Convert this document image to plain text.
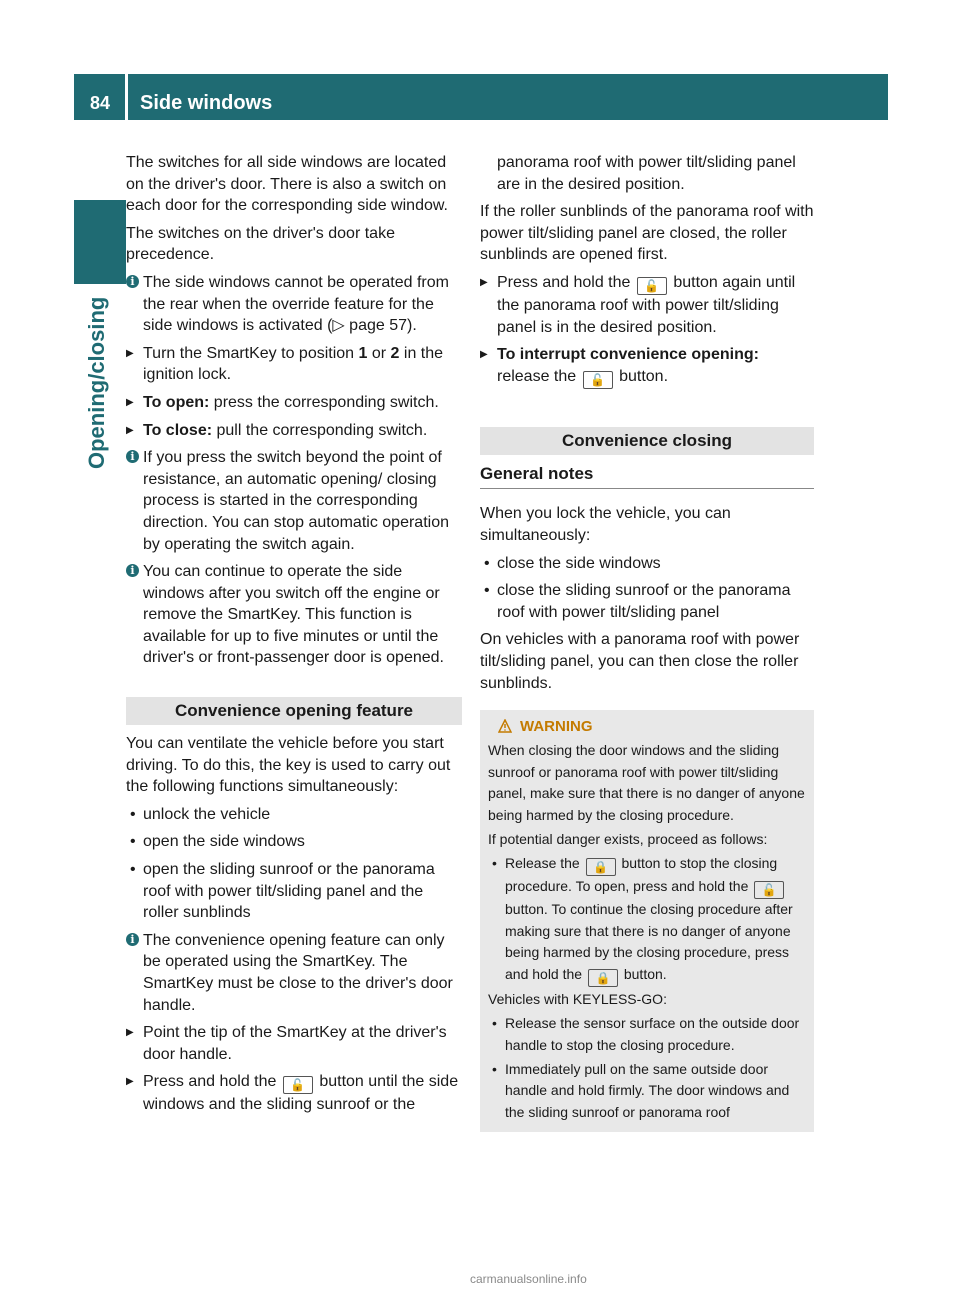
84	Side windows
Opening/closing

The switches for all side windows are located on the driver's door. There is also a switch on each door for the corresponding side window.

The switches on the driver's door take precedence.

i The side windows cannot be operated from the rear when the override feature for the side windows is activated (▷ page 57).
▶ Turn the SmartKey to position 1 or 2 in the ignition lock.
▶ To open: press the corresponding switch.
▶ To close: pull the corresponding switch.
i If you press the switch beyond the point of resistance, an automatic opening/ closing process is started in the corresponding direction. You can stop automatic operation by operating the switch again.
i You can continue to operate the side windows after you switch off the engine or remove the SmartKey. This function is available for up to five minutes or until the driver's or front-passenger door is opened.
Convenience opening feature

You can ventilate the vehicle before you start driving. To do this, the key is used to carry out the following functions simultaneously:

• unlock the vehicle
• open the side windows
• open the sliding sunroof or the panorama roof with power tilt/sliding panel and the roller sunblinds
i The convenience opening feature can only be operated using the SmartKey. The SmartKey must be close to the driver's door handle.
▶ Point the tip of the SmartKey at the driver's door handle.
▶ Press and hold the 🔓 button until the side windows and the sliding sunroof or the

panorama roof with power tilt/sliding panel are in the desired position.

If the roller sunblinds of the panorama roof with power tilt/sliding panel are closed, the roller sunblinds are opened first.

▶ Press and hold the 🔓 button again until the panorama roof with power tilt/sliding panel is in the desired position.
▶ To interrupt convenience opening:
release the 🔓 button.
Convenience closing
General notes

When you lock the vehicle, you can simultaneously:

• close the side windows
• close the sliding sunroof or the panorama roof with power tilt/sliding panel

On vehicles with a panorama roof with power tilt/sliding panel, you can then close the roller sunblinds.

WARNING

When closing the door windows and the sliding sunroof or panorama roof with power tilt/sliding panel, make sure that there is no danger of anyone being harmed by the closing procedure.

If potential danger exists, proceed as follows:

• Release the 🔒 button to stop the closing procedure. To open, press and hold the 🔓 button. To continue the closing procedure after making sure that there is no danger of anyone being harmed by the closing procedure, press and hold the 🔒 button.

Vehicles with KEYLESS-GO:

• Release the sensor surface on the outside door handle to stop the closing procedure.
• Immediately pull on the same outside door handle and hold firmly. The door windows and the sliding sunroof or panorama roof
carmanualsonline.info
